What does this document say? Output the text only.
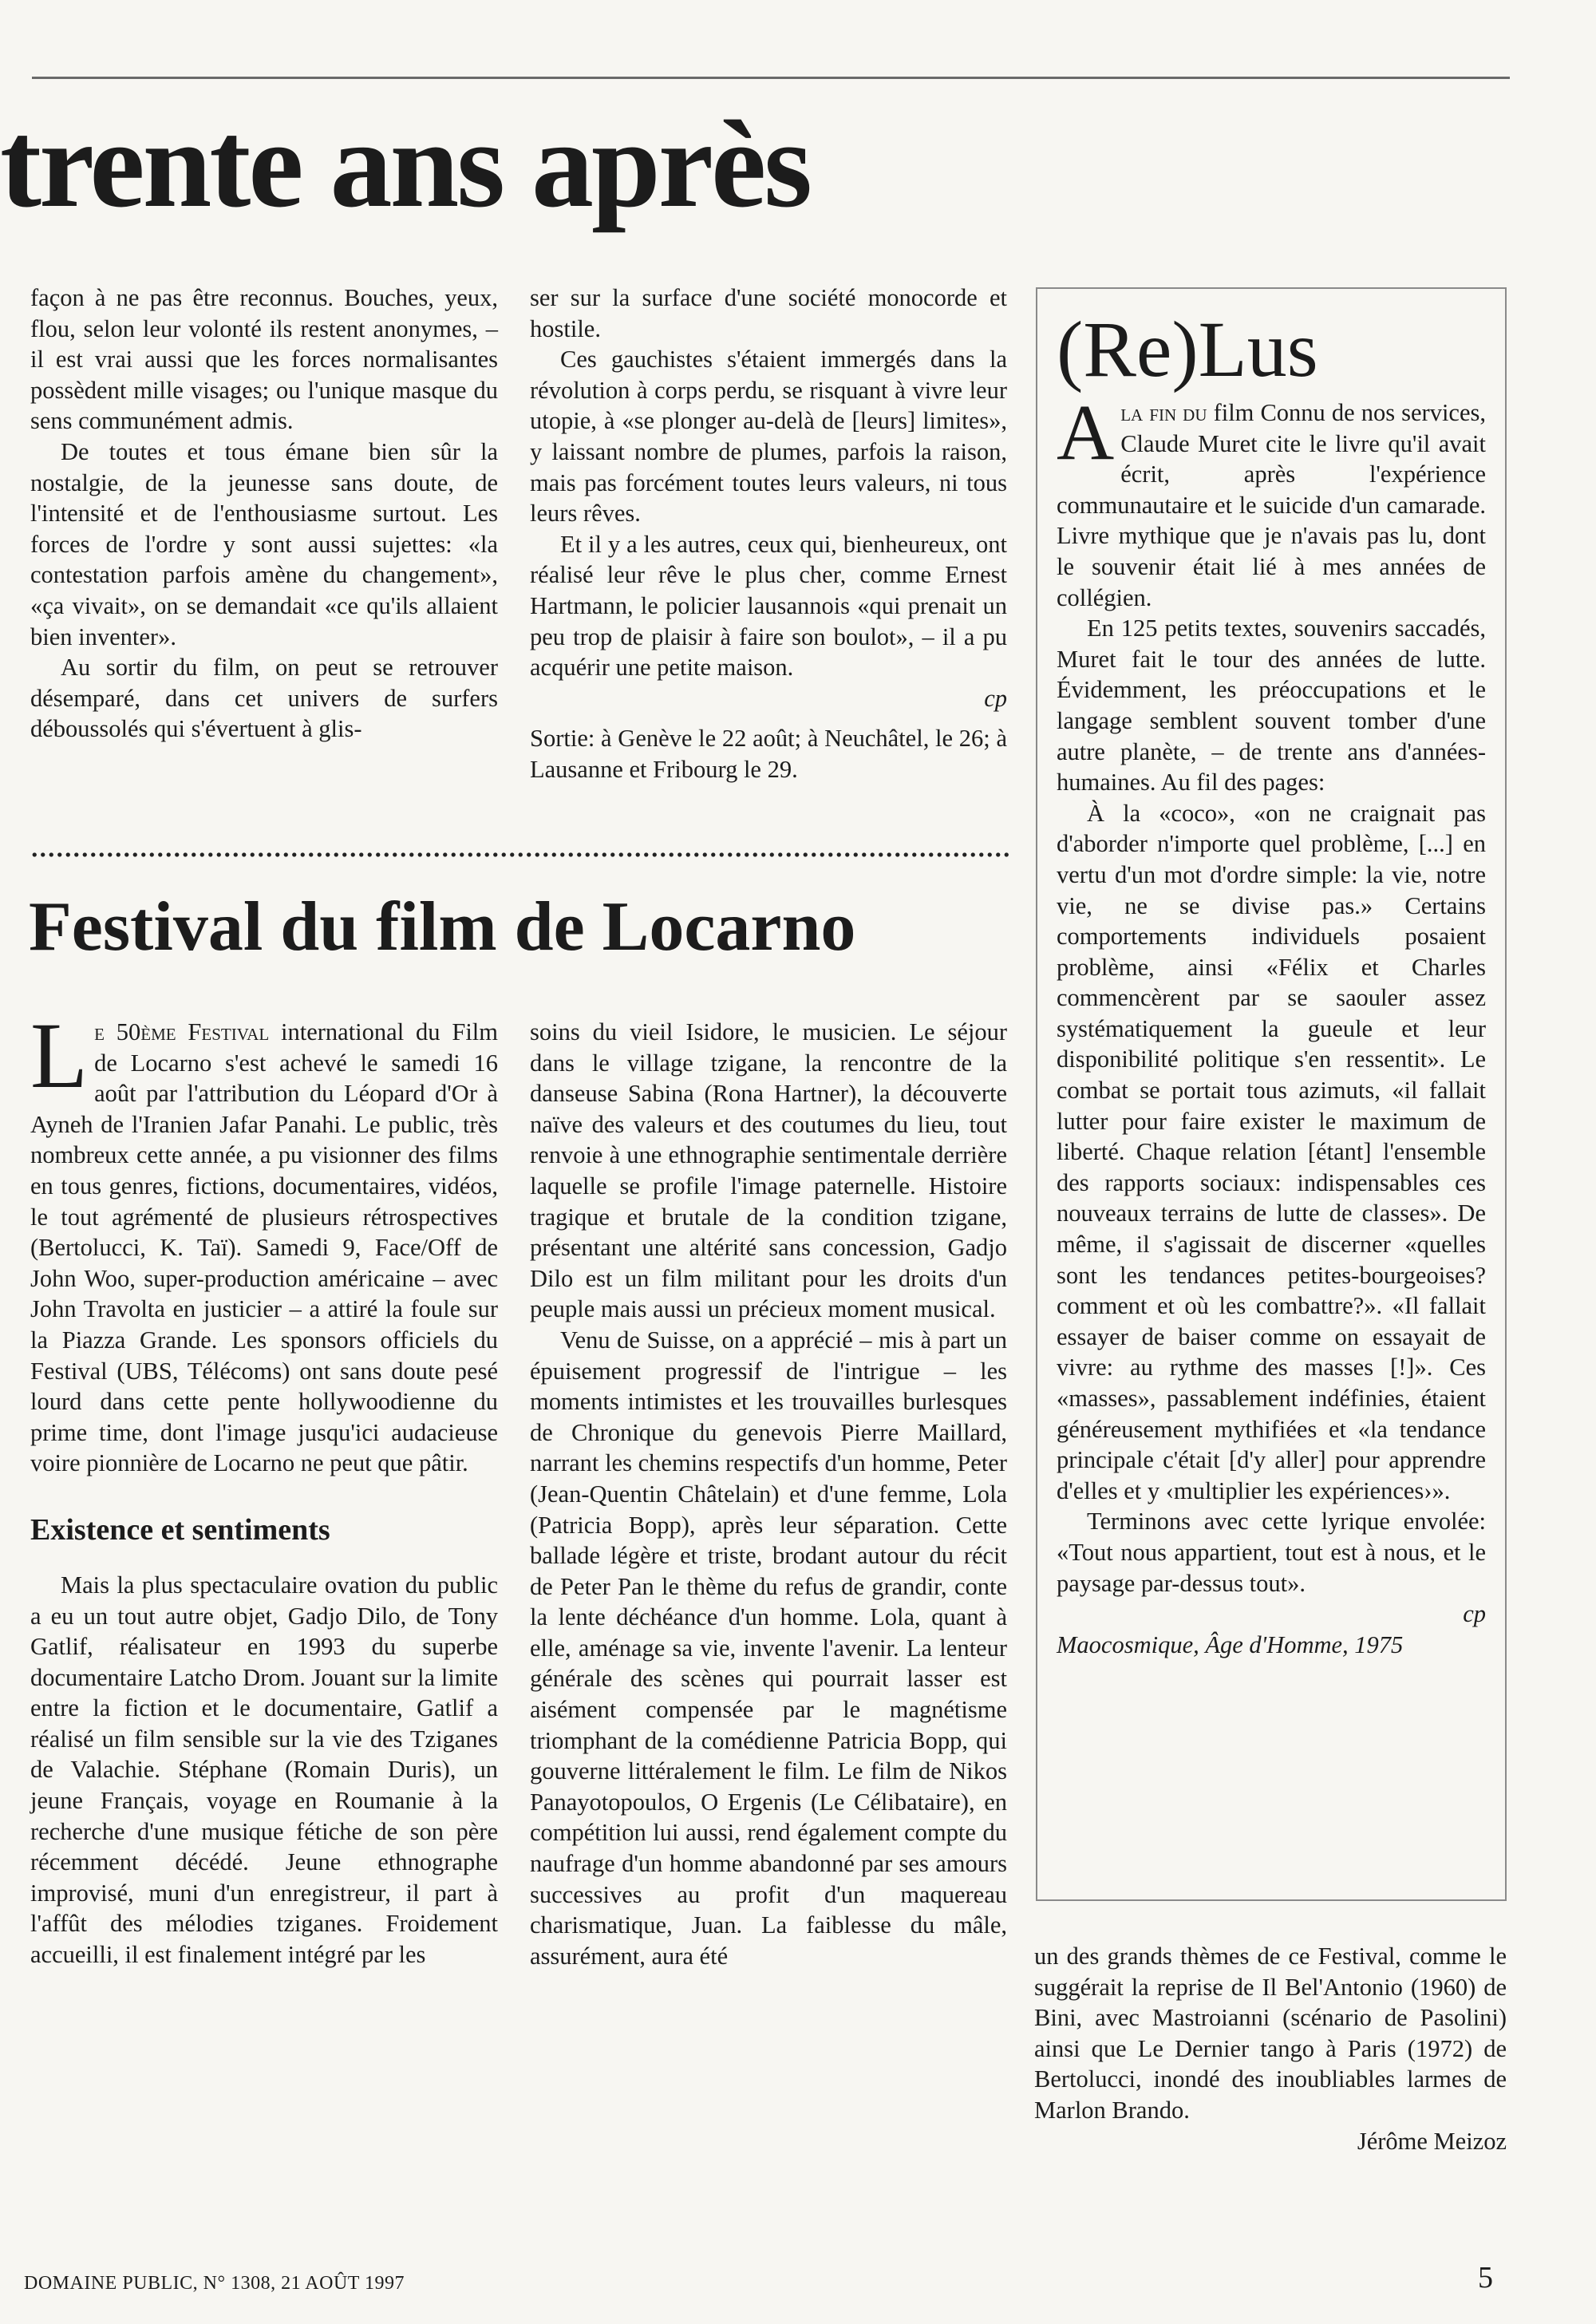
trente ans après

façon à ne pas être reconnus. Bouches, yeux, flou, selon leur volonté ils restent anonymes, – il est vrai aussi que les forces normalisantes possèdent mille visages; ou l'unique masque du sens communément admis.

De toutes et tous émane bien sûr la nostalgie, de la jeunesse sans doute, de l'intensité et de l'enthousiasme surtout. Les forces de l'ordre y sont aussi sujettes: «la contestation parfois amène du changement», «ça vivait», on se demandait «ce qu'ils allaient bien inventer».

Au sortir du film, on peut se retrouver désemparé, dans cet univers de surfers déboussolés qui s'évertuent à glis-

ser sur la surface d'une société monocorde et hostile.

Ces gauchistes s'étaient immergés dans la révolution à corps perdu, se risquant à vivre leur utopie, à «se plonger au-delà de [leurs] limites», y laissant nombre de plumes, parfois la raison, mais pas forcément toutes leurs valeurs, ni tous leurs rêves.

Et il y a les autres, ceux qui, bienheureux, ont réalisé leur rêve le plus cher, comme Ernest Hartmann, le policier lausannois «qui prenait un peu trop de plaisir à faire son boulot», – il a pu acquérir une petite maison.

cp

Sortie: à Genève le 22 août; à Neuchâtel, le 26; à Lausanne et Fribourg le 29.

Festival du film de Locarno

Le 50ème Festival international du Film de Locarno s'est achevé le samedi 16 août par l'attribution du Léopard d'Or à Ayneh de l'Iranien Jafar Panahi. Le public, très nombreux cette année, a pu visionner des films en tous genres, fictions, documentaires, vidéos, le tout agrémenté de plusieurs rétrospectives (Bertolucci, K. Taï). Samedi 9, Face/Off de John Woo, super-production américaine – avec John Travolta en justicier – a attiré la foule sur la Piazza Grande. Les sponsors officiels du Festival (UBS, Télécoms) ont sans doute pesé lourd dans cette pente hollywoodienne du prime time, dont l'image jusqu'ici audacieuse voire pionnière de Locarno ne peut que pâtir.

Existence et sentiments

Mais la plus spectaculaire ovation du public a eu un tout autre objet, Gadjo Dilo, de Tony Gatlif, réalisateur en 1993 du superbe documentaire Latcho Drom. Jouant sur la limite entre la fiction et le documentaire, Gatlif a réalisé un film sensible sur la vie des Tziganes de Valachie. Stéphane (Romain Duris), un jeune Français, voyage en Roumanie à la recherche d'une musique fétiche de son père récemment décédé. Jeune ethnographe improvisé, muni d'un enregistreur, il part à l'affût des mélodies tziganes. Froidement accueilli, il est finalement intégré par les

soins du vieil Isidore, le musicien. Le séjour dans le village tzigane, la rencontre de la danseuse Sabina (Rona Hartner), la découverte naïve des valeurs et des coutumes du lieu, tout renvoie à une ethnographie sentimentale derrière laquelle se profile l'image paternelle. Histoire tragique et brutale de la condition tzigane, présentant une altérité sans concession, Gadjo Dilo est un film militant pour les droits d'un peuple mais aussi un précieux moment musical.

Venu de Suisse, on a apprécié – mis à part un épuisement progressif de l'intrigue – les moments intimistes et les trouvailles burlesques de Chronique du genevois Pierre Maillard, narrant les chemins respectifs d'un homme, Peter (Jean-Quentin Châtelain) et d'une femme, Lola (Patricia Bopp), après leur séparation. Cette ballade légère et triste, brodant autour du récit de Peter Pan le thème du refus de grandir, conte la lente déchéance d'un homme. Lola, quant à elle, aménage sa vie, invente l'avenir. La lenteur générale des scènes qui pourrait lasser est aisément compensée par le magnétisme triomphant de la comédienne Patricia Bopp, qui gouverne littéralement le film. Le film de Nikos Panayotopoulos, O Ergenis (Le Célibataire), en compétition lui aussi, rend également compte du naufrage d'un homme abandonné par ses amours successives au profit d'un maquereau charismatique, Juan. La faiblesse du mâle, assurément, aura été

(Re)Lus

Ala fin du film Connu de nos services, Claude Muret cite le livre qu'il avait écrit, après l'expérience communautaire et le suicide d'un camarade. Livre mythique que je n'avais pas lu, dont le souvenir était lié à mes années de collégien.

En 125 petits textes, souvenirs saccadés, Muret fait le tour des années de lutte. Évidemment, les préoccupations et le langage semblent souvent tomber d'une autre planète, – de trente ans d'années-humaines. Au fil des pages:

À la «coco», «on ne craignait pas d'aborder n'importe quel problème, [...] en vertu d'un mot d'ordre simple: la vie, notre vie, ne se divise pas.» Certains comportements individuels posaient problème, ainsi «Félix et Charles commencèrent par se saouler assez systématiquement la gueule et leur disponibilité politique s'en ressentit». Le combat se portait tous azimuts, «il fallait lutter pour faire exister le maximum de liberté. Chaque relation [étant] l'ensemble des rapports sociaux: indispensables ces nouveaux terrains de lutte de classes». De même, il s'agissait de discerner «quelles sont les tendances petites-bourgeoises? comment et où les combattre?». «Il fallait essayer de baiser comme on essayait de vivre: au rythme des masses [!]». Ces «masses», passablement indéfinies, étaient généreusement mythifiées et «la tendance principale c'était [d'y aller] pour apprendre d'elles et y ‹multiplier les expériences›».

Terminons avec cette lyrique envolée: «Tout nous appartient, tout est à nous, et le paysage par-dessus tout».

cp

Maocosmique, Âge d'Homme, 1975

un des grands thèmes de ce Festival, comme le suggérait la reprise de Il Bel'Antonio (1960) de Bini, avec Mastroianni (scénario de Pasolini) ainsi que Le Dernier tango à Paris (1972) de Bertolucci, inondé des inoubliables larmes de Marlon Brando.

Jérôme Meizoz

DOMAINE PUBLIC, N° 1308, 21 AOÛT 1997	5
